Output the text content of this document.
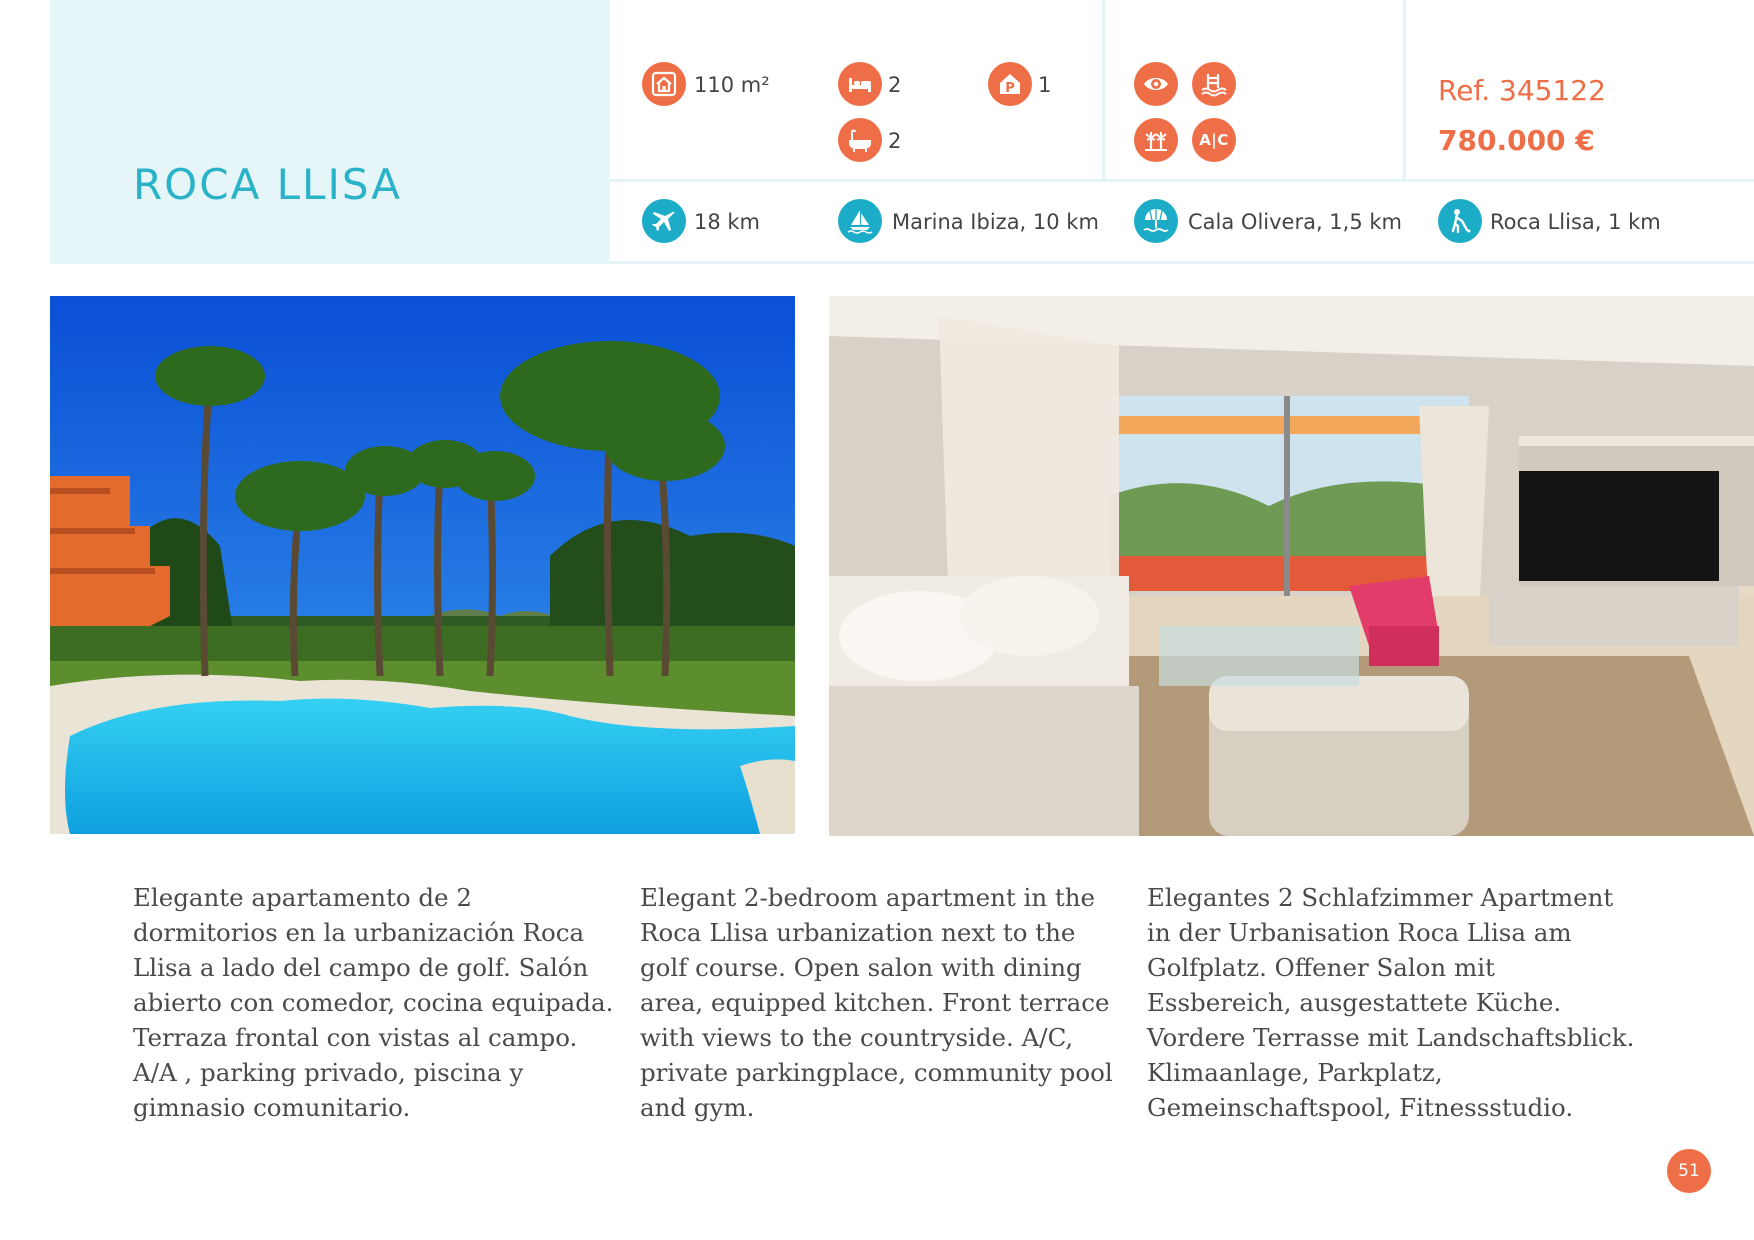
ROCA LLISA
110 m²	2	P 1
2	A|C
Ref. 345122
780.000 €
18 km	Marina Ibiza, 10 km	Cala Olivera, 1,5 km	Roca Llisa, 1 km

Elegante apartamento de 2 dormitorios en la urbanización Roca Llisa a lado del campo de golf. Salón abierto con comedor, cocina equipada. Terraza frontal con vistas al campo. A/A , parking privado, piscina y gimnasio comunitario.

Elegant 2-bedroom apartment in the Roca Llisa urbanization next to the golf course. Open salon with dining area, equipped kitchen. Front terrace with views to the countryside. A/C, private parkingplace, community pool and gym.

Elegantes 2 Schlafzimmer Apartment in der Urbanisation Roca Llisa am Golfplatz. Offener Salon mit Essbereich, ausgestattete Küche. Vordere Terrasse mit Landschaftsblick. Klimaanlage, Parkplatz, Gemeinschaftspool, Fitnessstudio.

51
